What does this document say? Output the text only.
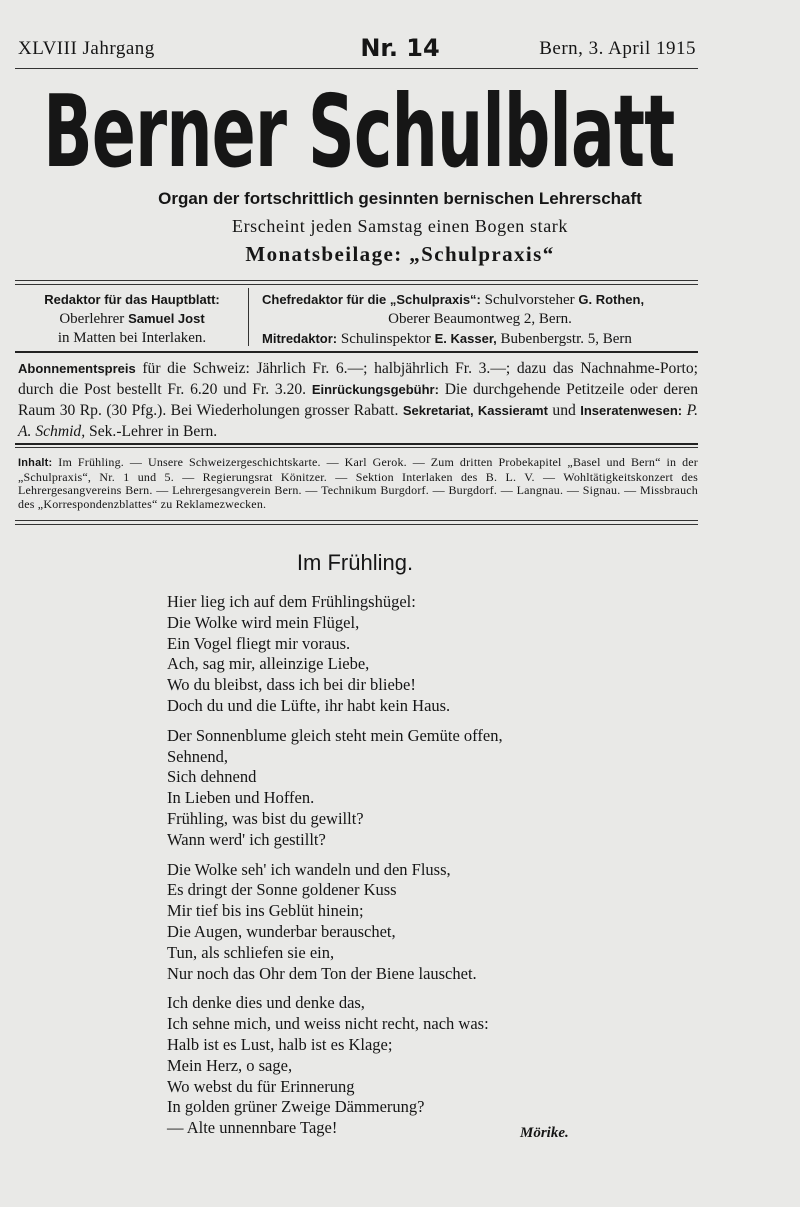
XLVIII Jahrgang	Nr. 14	Bern, 3. April 1915
Berner Schulblatt
Organ der fortschrittlich gesinnten bernischen Lehrerschaft
Erscheint jeden Samstag einen Bogen stark
Monatsbeilage: „Schulpraxis“
Redaktor für das Hauptblatt:
Oberlehrer Samuel Jost
in Matten bei Interlaken.
Chefredaktor für die „Schulpraxis“: Schulvorsteher G. Rothen,
Oberer Beaumontweg 2, Bern.
Mitredaktor: Schulinspektor E. Kasser, Bubenbergstr. 5, Bern
Abonnementspreis für die Schweiz: Jährlich Fr. 6.—; halbjährlich Fr. 3.—; dazu das Nachnahme-Porto; durch die Post bestellt Fr. 6.20 und Fr. 3.20. Einrückungsgebühr: Die durchgehende Petitzeile oder deren Raum 30 Rp. (30 Pfg.). Bei Wiederholungen grosser Rabatt. Sekretariat, Kassieramt und Inseratenwesen: P. A. Schmid, Sek.-Lehrer in Bern.
Inhalt: Im Frühling. — Unsere Schweizergeschichtskarte. — Karl Gerok. — Zum dritten Probekapitel „Basel und Bern“ in der „Schulpraxis“, Nr. 1 und 5. — Regierungsrat Könitzer. — Sektion Interlaken des B. L. V. — Wohltätigkeitskonzert des Lehrergesangvereins Bern. — Lehrergesangverein Bern. — Technikum Burgdorf. — Burgdorf. — Langnau. — Signau. — Missbrauch des „Korrespondenzblattes“ zu Reklamezwecken.
Im Frühling.
Hier lieg ich auf dem Frühlingshügel:
Die Wolke wird mein Flügel,
Ein Vogel fliegt mir voraus.
Ach, sag mir, alleinzige Liebe,
Wo du bleibst, dass ich bei dir bliebe!
Doch du und die Lüfte, ihr habt kein Haus.
Der Sonnenblume gleich steht mein Gemüte offen,
Sehnend,
Sich dehnend
In Lieben und Hoffen.
Frühling, was bist du gewillt?
Wann werd' ich gestillt?
Die Wolke seh' ich wandeln und den Fluss,
Es dringt der Sonne goldener Kuss
Mir tief bis ins Geblüt hinein;
Die Augen, wunderbar berauschet,
Tun, als schliefen sie ein,
Nur noch das Ohr dem Ton der Biene lauschet.
Ich denke dies und denke das,
Ich sehne mich, und weiss nicht recht, nach was:
Halb ist es Lust, halb ist es Klage;
Mein Herz, o sage,
Wo webst du für Erinnerung
In golden grüner Zweige Dämmerung?
— Alte unnennbare Tage!	Mörike.
